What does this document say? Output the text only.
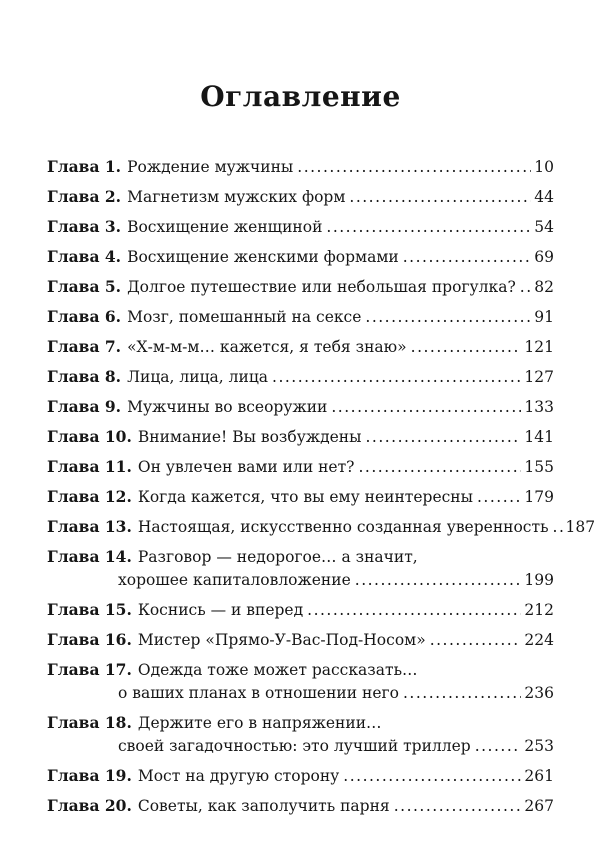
Оглавление
Глава 1. Рождение мужчины .....	10
Глава 2. Магнетизм мужских форм .....	44
Глава 3. Восхищение женщиной .....	54
Глава 4. Восхищение женскими формами .....	69
Глава 5. Долгое путешествие или небольшая прогулка? ..... 82
Глава 6. Мозг, помешанный на сексе .....	91
Глава 7. «Х-м-м-м… кажется, я тебя знаю» .....	121
Глава 8. Лица, лица, лица .....	127
Глава 9. Мужчины во всеоружии .....	133
Глава 10. Внимание! Вы возбуждены .....	141
Глава 11. Он увлечен вами или нет? .....	155
Глава 12. Когда кажется, что вы ему неинтересны .....	179
Глава 13. Настоящая, искусственно созданная уверенность ..... 187
Глава 14. Разговор — недорогое… а значит,
хорошее капиталовложение .....	199
Глава 15. Коснись — и вперед .....	212
Глава 16. Мистер «Прямо-У-Вас-Под-Носом» .....	224
Глава 17. Одежда тоже может рассказать…
о ваших планах в отношении него .....	236
Глава 18. Держите его в напряжении…
своей загадочностью: это лучший триллер .....	253
Глава 19. Мост на другую сторону .....	261
Глава 20. Советы, как заполучить парня .....	267
